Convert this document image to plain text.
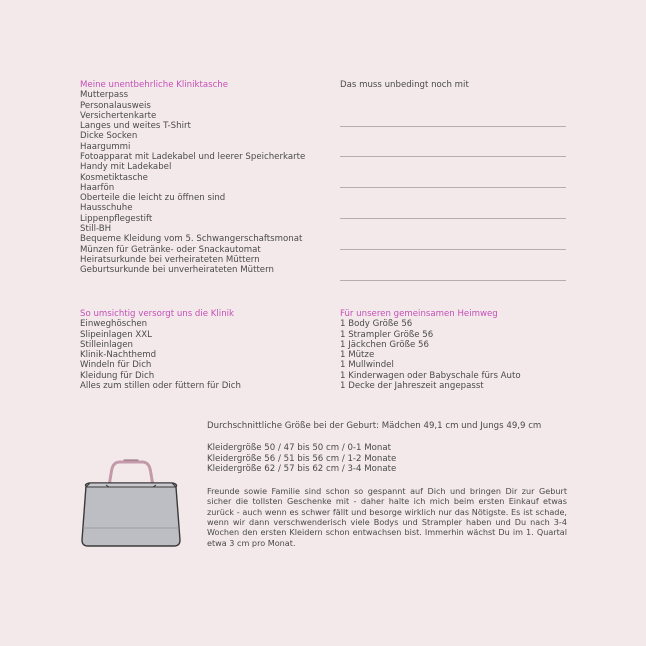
Meine unentbehrliche Kliniktasche
Mutterpass
Personalausweis
Versichertenkarte
Langes und weites T-Shirt
Dicke Socken
Haargummi
Fotoapparat mit Ladekabel und leerer Speicherkarte
Handy mit Ladekabel
Kosmetiktasche
Haarfön
Oberteile die leicht zu öffnen sind
Hausschuhe
Lippenpflegestift
Still-BH
Bequeme Kleidung vom 5. Schwangerschaftsmonat
Münzen für Getränke- oder Snackautomat
Heiratsurkunde bei verheirateten Müttern
Geburtsurkunde bei unverheirateten Müttern
Das muss unbedingt noch mit
So umsichtig versorgt uns die Klinik
Einweghöschen
Slipeinlagen XXL
Stilleinlagen
Klinik-Nachthemd
Windeln für Dich
Kleidung für Dich
Alles zum stillen oder füttern für Dich
Für unseren gemeinsamen Heimweg
1 Body Größe 56
1 Strampler Größe 56
1 Jäckchen Größe 56
1 Mütze
1 Mullwindel
1 Kinderwagen oder Babyschale fürs Auto
1 Decke der Jahreszeit angepasst
Durchschnittliche Größe bei der Geburt: Mädchen 49,1 cm und Jungs 49,9 cm
Kleidergröße 50 / 47 bis 50 cm / 0-1 Monat
Kleidergröße 56 / 51 bis 56 cm / 1-2 Monate
Kleidergröße 62 / 57 bis 62 cm / 3-4 Monate
Freunde sowie Familie sind schon so gespannt auf Dich und bringen Dir zur Geburt sicher die tollsten Geschenke mit - daher halte ich mich beim ersten Einkauf etwas zurück - auch wenn es schwer fällt und besorge wirklich nur das Nötigste. Es ist schade, wenn wir dann verschwenderisch viele Bodys und Strampler haben und Du nach 3-4 Wochen den ersten Kleidern schon entwachsen bist. Immerhin wächst Du im 1. Quartal etwa 3 cm pro Monat.
